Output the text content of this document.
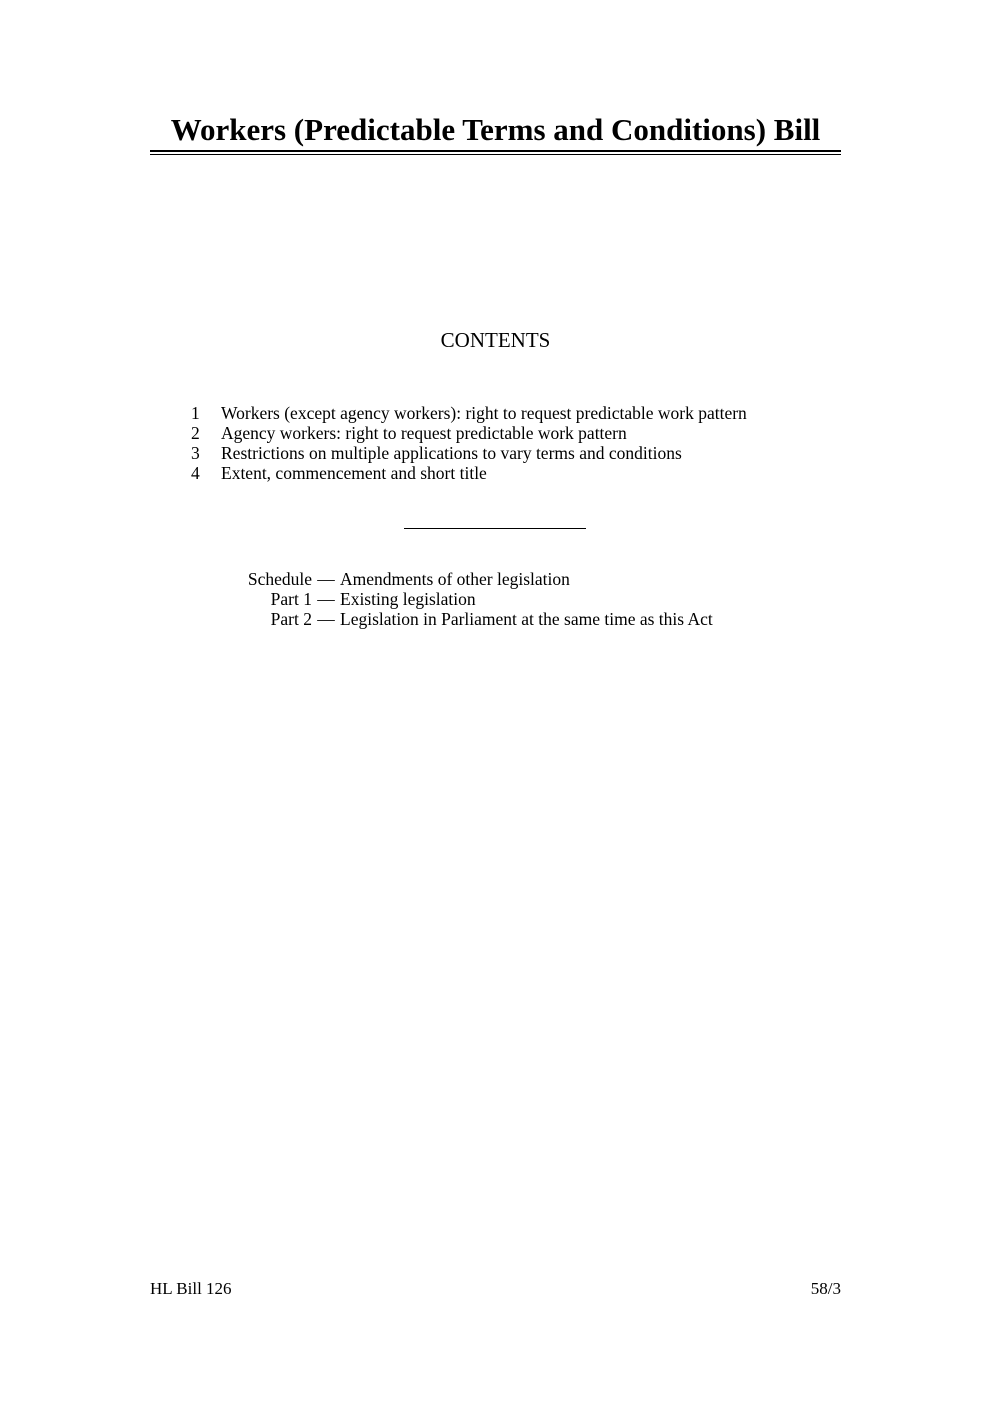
Workers (Predictable Terms and Conditions) Bill
CONTENTS
1	Workers (except agency workers): right to request predictable work pattern
2	Agency workers: right to request predictable work pattern
3	Restrictions on multiple applications to vary terms and conditions
4	Extent, commencement and short title
Schedule — Amendments of other legislation
Part 1 — Existing legislation
Part 2 — Legislation in Parliament at the same time as this Act
HL Bill 126	58/3
